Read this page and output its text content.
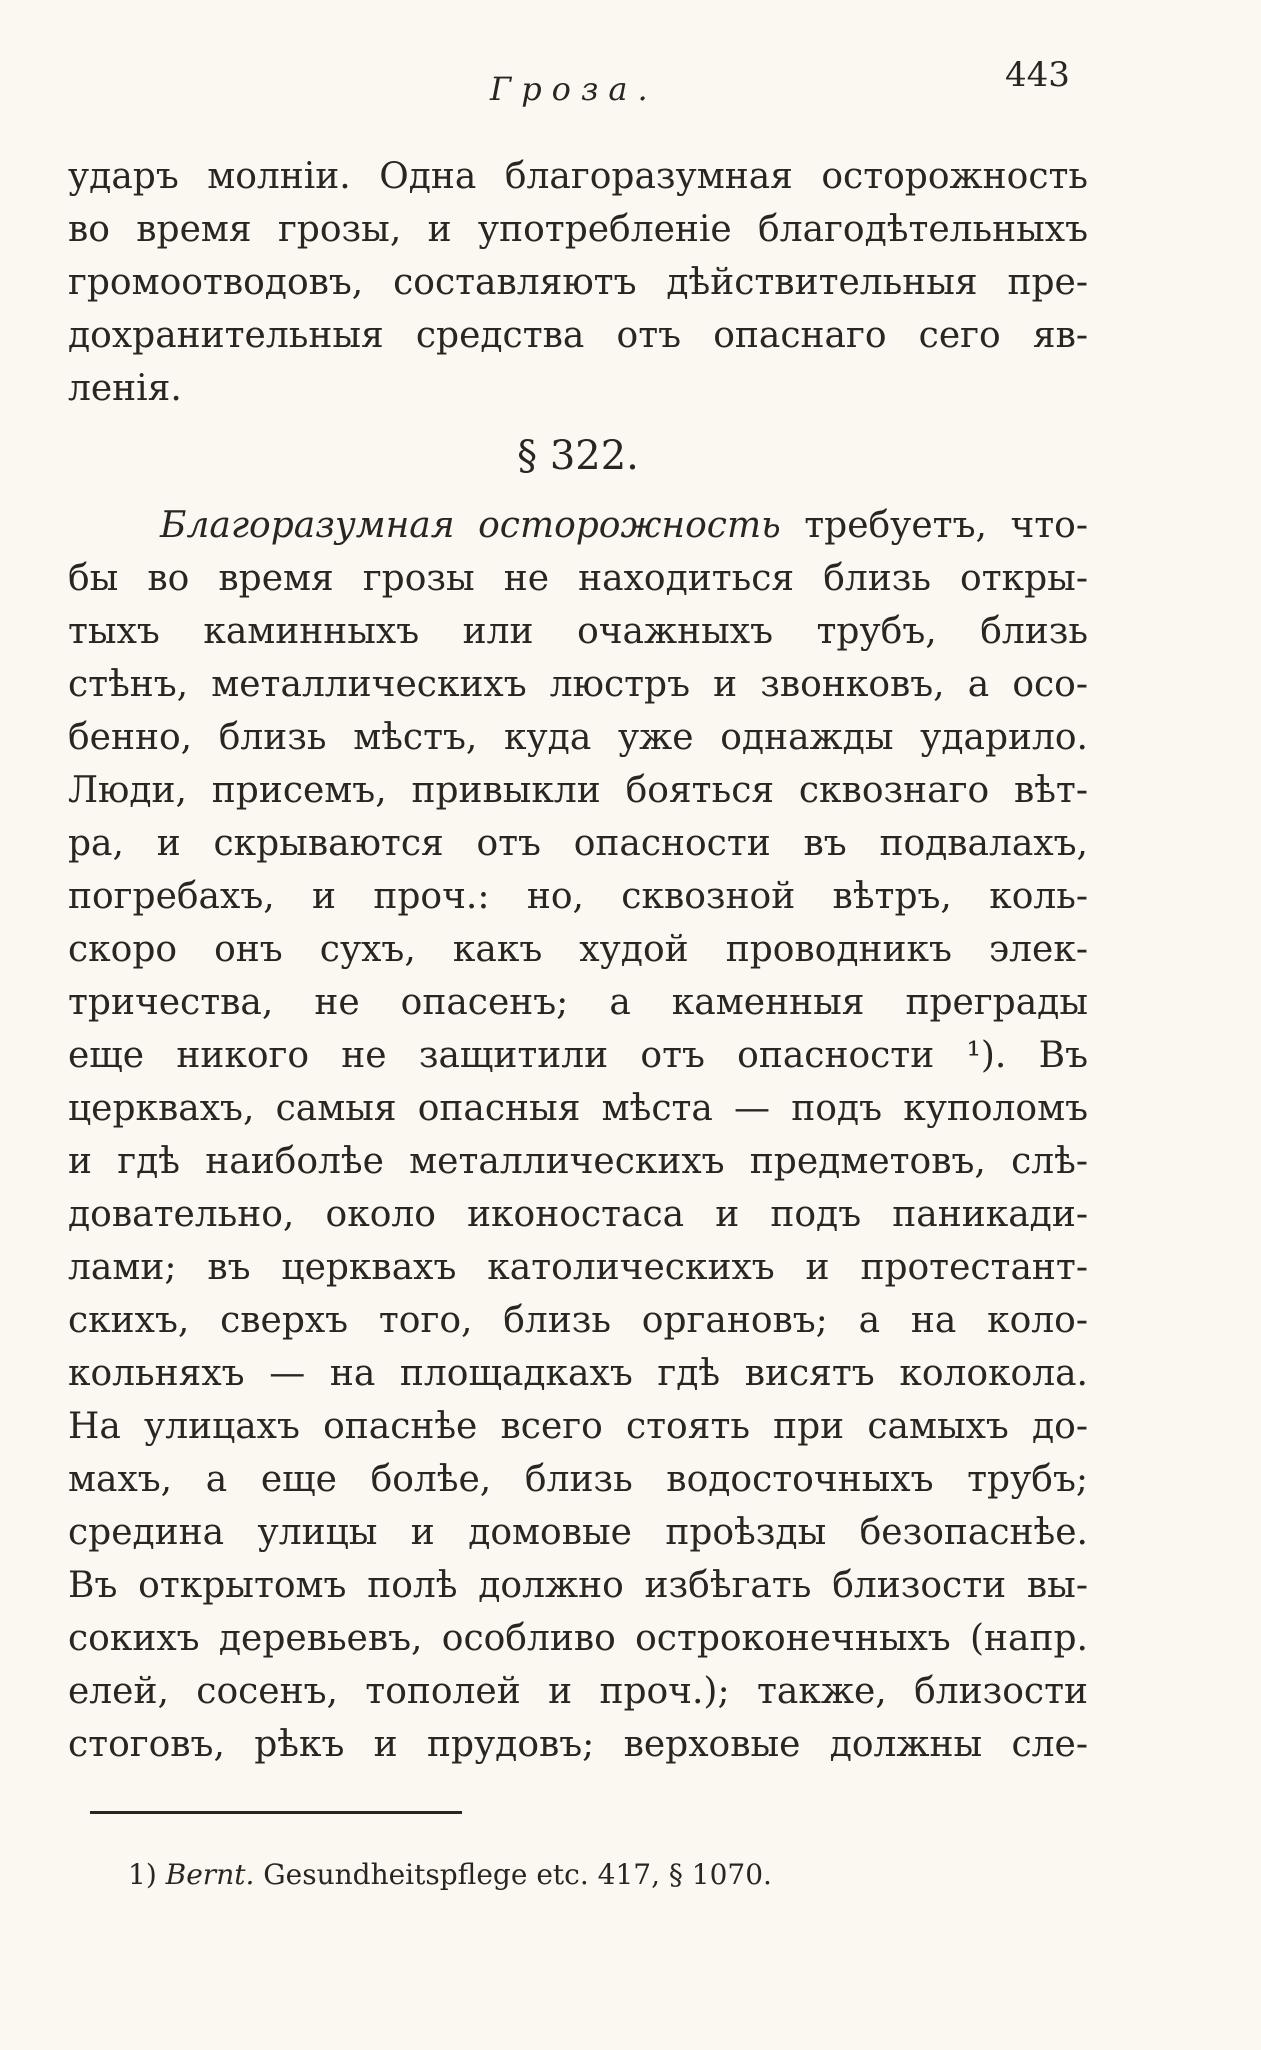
Гроза.	443
ударъ молнiи. Одна благоразумная осторожность
во время грозы, и употребленiе благодѣтельныхъ
громоотводовъ, составляютъ дѣйствительныя пре-
дохранительныя средства отъ опаснаго сего яв-
ленiя.
§ 322.
Благоразумная осторожность требуетъ, что-
бы во время грозы не находиться близь откры-
тыхъ каминныхъ или очажныхъ трубъ, близь
стѣнъ, металлическихъ люстръ и звонковъ, а осо-
бенно, близь мѣстъ, куда уже однажды ударило.
Люди, присемъ, привыкли бояться сквознаго вѣт-
ра, и скрываются отъ опасности въ подвалахъ,
погребахъ, и проч.: но, сквозной вѣтръ, коль-
скоро онъ сухъ, какъ худой проводникъ элек-
тричества, не опасенъ; а каменныя преграды
еще никого не защитили отъ опасности ¹). Въ
церквахъ, самыя опасныя мѣста — подъ куполомъ
и гдѣ наиболѣе металлическихъ предметовъ, слѣ-
довательно, около иконостаса и подъ паникади-
лами; въ церквахъ католическихъ и протестант-
скихъ, сверхъ того, близь органовъ; а на коло-
кольняхъ — на площадкахъ гдѣ висятъ колокола.
На улицахъ опаснѣе всего стоять при самыхъ до-
махъ, а еще болѣе, близь водосточныхъ трубъ;
средина улицы и домовые проѣзды безопаснѣе.
Въ открытомъ полѣ должно избѣгать близости вы-
сокихъ деревьевъ, особливо остроконечныхъ (напр.
елей, сосенъ, тополей и проч.); также, близости
стоговъ, рѣкъ и прудовъ; верховые должны сле-
1) Bernt. Gesundheitspflege etc. 417, § 1070.
